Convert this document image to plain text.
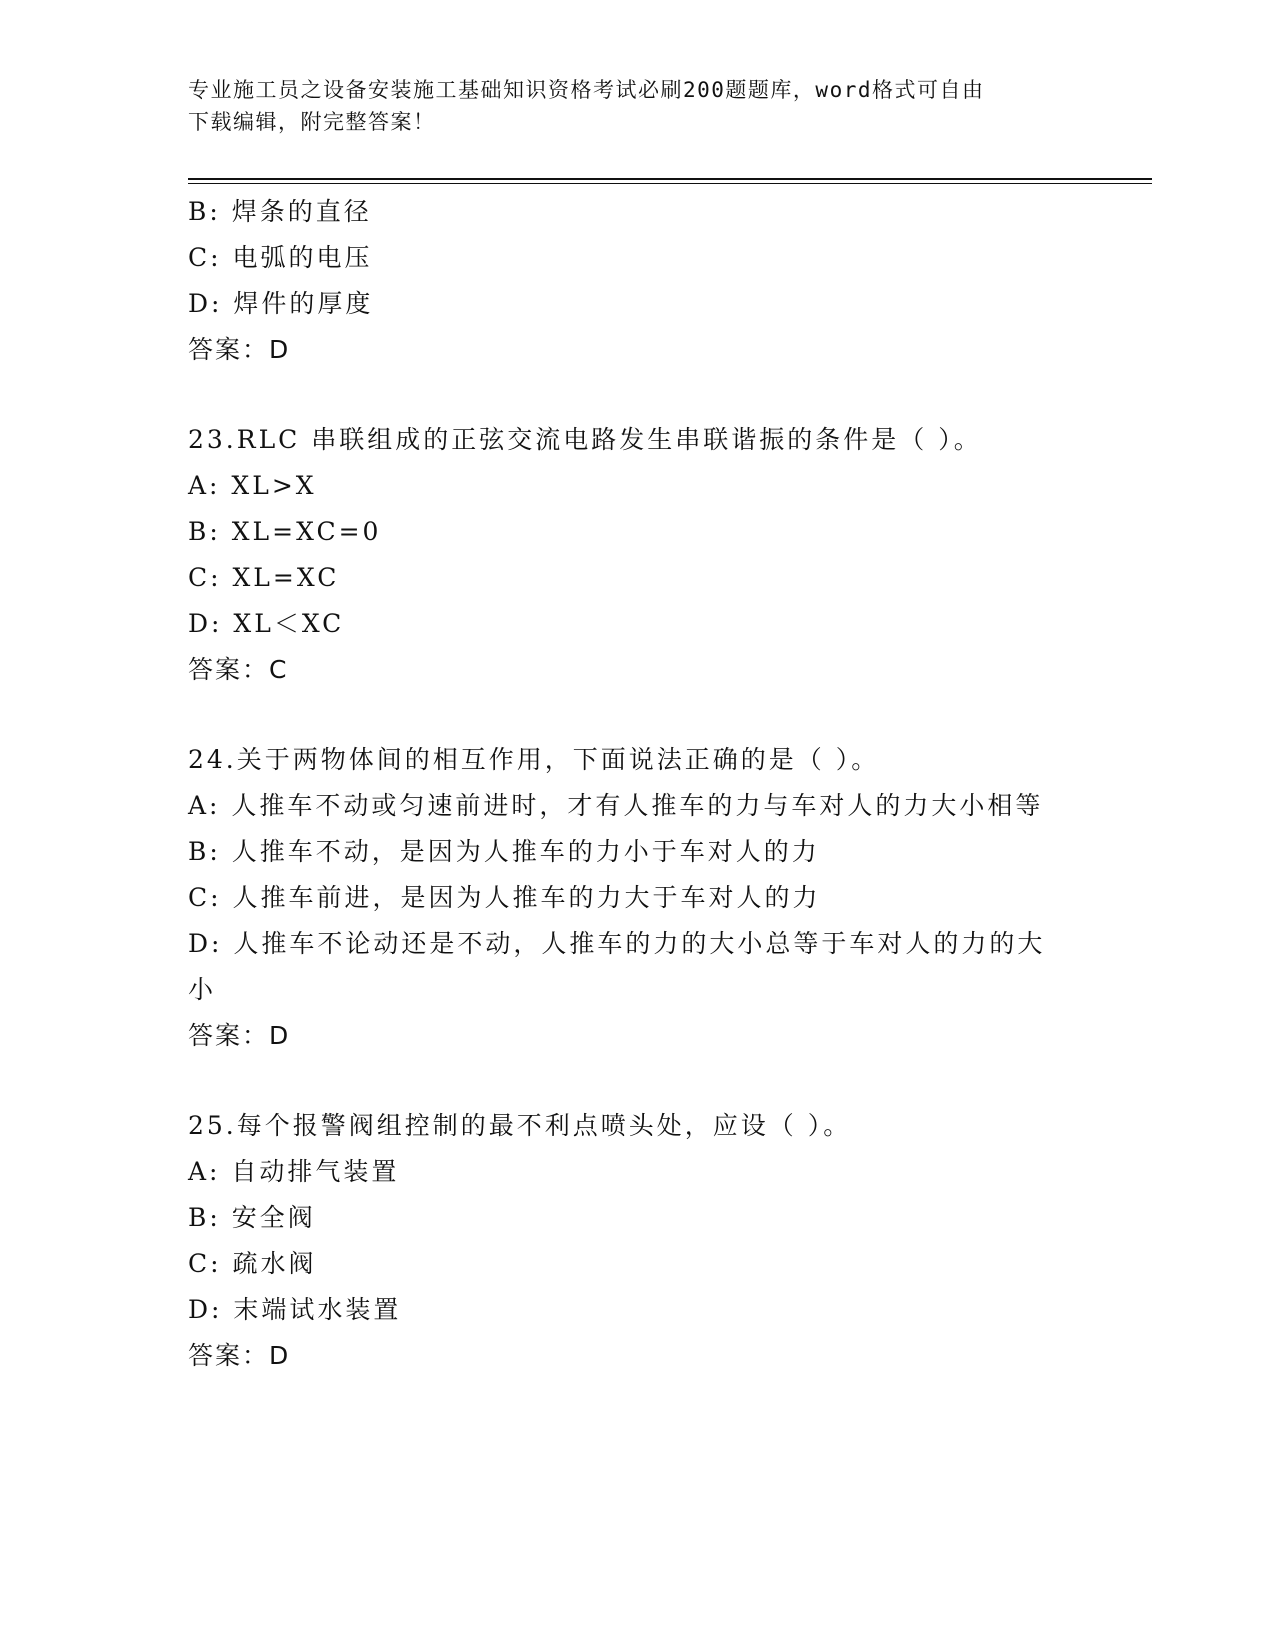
专业施工员之设备安装施工基础知识资格考试必刷200题题库，word格式可自由
下载编辑，附完整答案！
B: 焊条的直径
C: 电弧的电压
D: 焊件的厚度
答案：D
23.RLC 串联组成的正弦交流电路发生串联谐振的条件是（ ）。
A: XL>X
B: XL=XC=0
C: XL=XC
D: XL＜XC
答案：C
24.关于两物体间的相互作用，下面说法正确的是（ ）。
A: 人推车不动或匀速前进时，才有人推车的力与车对人的力大小相等
B: 人推车不动，是因为人推车的力小于车对人的力
C: 人推车前进，是因为人推车的力大于车对人的力
D: 人推车不论动还是不动，人推车的力的大小总等于车对人的力的大
小
答案：D
25.每个报警阀组控制的最不利点喷头处，应设（ ）。
A: 自动排气装置
B: 安全阀
C: 疏水阀
D: 末端试水装置
答案：D
